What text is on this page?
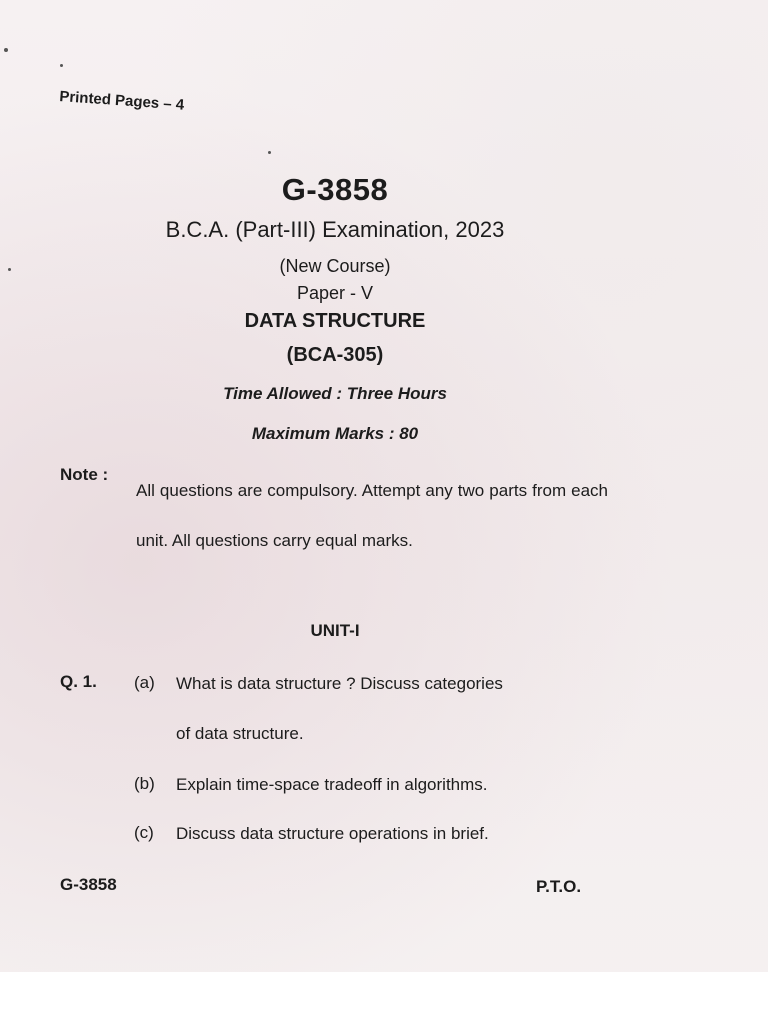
Printed Pages – 4
G-3858
B.C.A. (Part-III) Examination, 2023
(New Course)
Paper - V
DATA STRUCTURE
(BCA-305)
Time Allowed : Three Hours
Maximum Marks : 80
Note :
All questions are compulsory. Attempt any two parts from each unit. All questions carry equal marks.
UNIT-I
Q. 1. (a) What is data structure ? Discuss categories
of data structure.
(b) Explain time-space tradeoff in algorithms.
(c) Discuss data structure operations in brief.
G-3858	P.T.O.
